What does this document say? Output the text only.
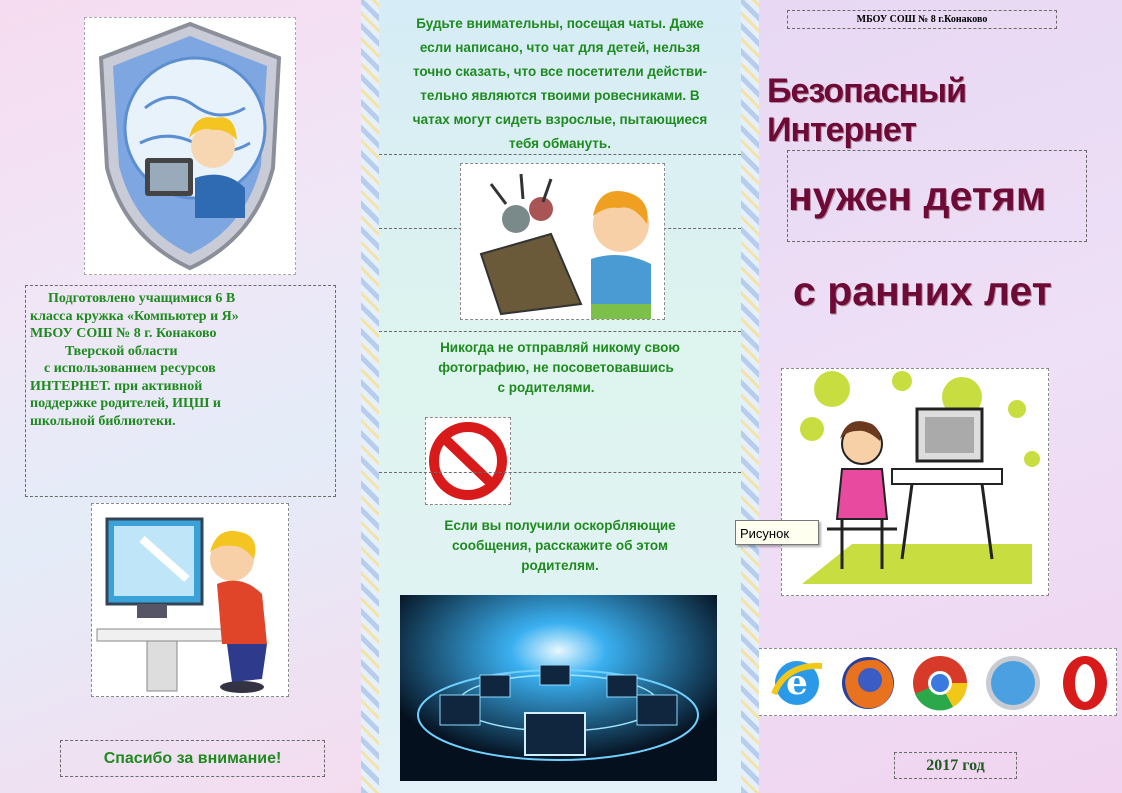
Подготовлено учащимися 6 В
класса кружка «Компьютер и Я»
МБОУ СОШ № 8 г. Конаково
Тверской области
с использованием ресурсов
ИНТЕРНЕТ. при активной
поддержке родителей, ИЦШ и
школьной библиотеки.
Спасибо за внимание!
Будьте внимательны, посещая чаты. Даже
если написано, что чат для детей, нельзя
точно сказать, что все посетители действи-
тельно являются твоими ровесниками. В
чатах могут сидеть взрослые, пытающиеся
тебя обмануть.
Никогда не отправляй никому свою
фотографию, не посоветовавшись
с родителями.
Если вы получили оскорбляющие
сообщения, расскажите об этом
родителям.
МБОУ СОШ № 8 г.Конаково
Безопасный Интернет
нужен детям
с ранних лет
Рисунок
e
2017 год
